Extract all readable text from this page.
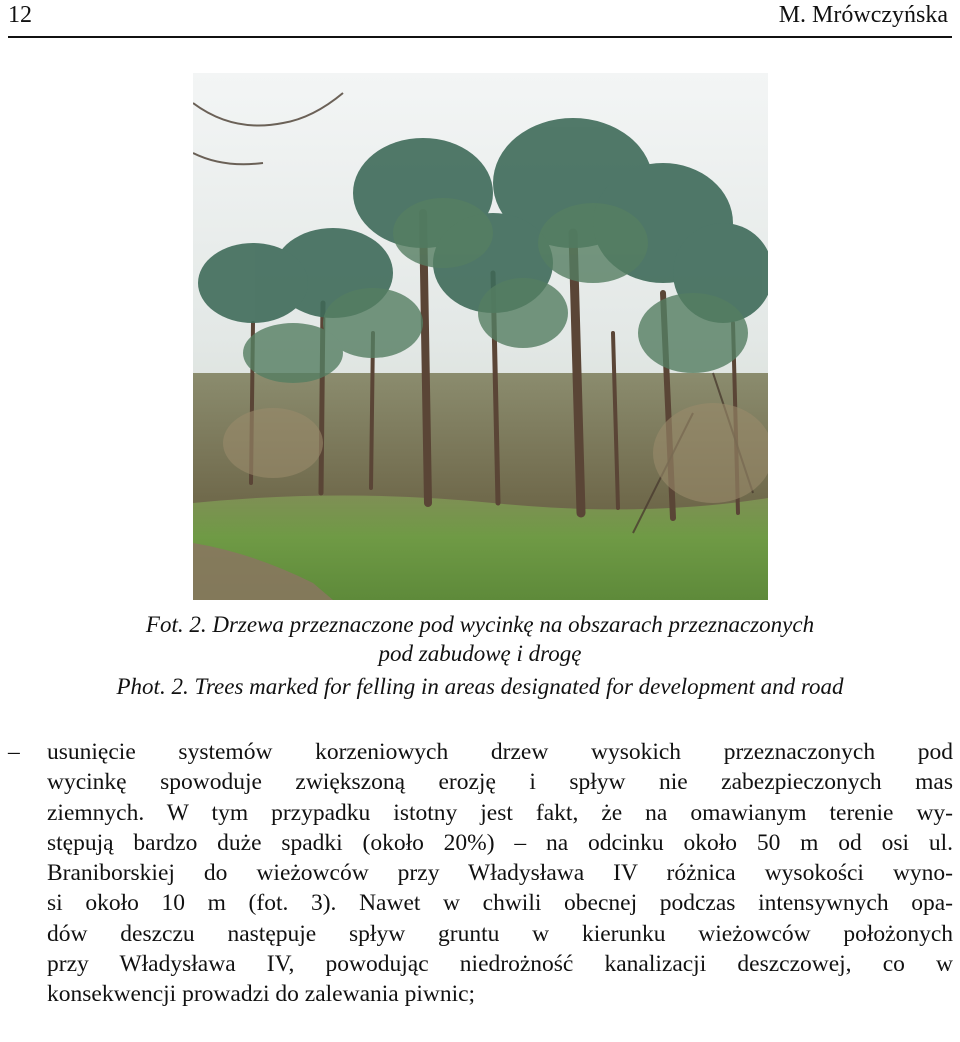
12	M. Mrówczyńska
Fot. 2. Drzewa przeznaczone pod wycinkę na obszarach przeznaczonych
pod zabudowę i drogę
Phot. 2. Trees marked for felling in areas designated for development and road
– usunięcie systemów korzeniowych drzew wysokich przeznaczonych pod
wycinkę spowoduje zwiększoną erozję i spływ nie zabezpieczonych mas
ziemnych. W tym przypadku istotny jest fakt, że na omawianym terenie wy-
stępują bardzo duże spadki (około 20%) – na odcinku około 50 m od osi ul.
Braniborskiej do wieżowców przy Władysława IV różnica wysokości wyno-
si około 10 m (fot. 3). Nawet w chwili obecnej podczas intensywnych opa-
dów deszczu następuje spływ gruntu w kierunku wieżowców położonych
przy Władysława IV, powodując niedrożność kanalizacji deszczowej, co w
konsekwencji prowadzi do zalewania piwnic;
